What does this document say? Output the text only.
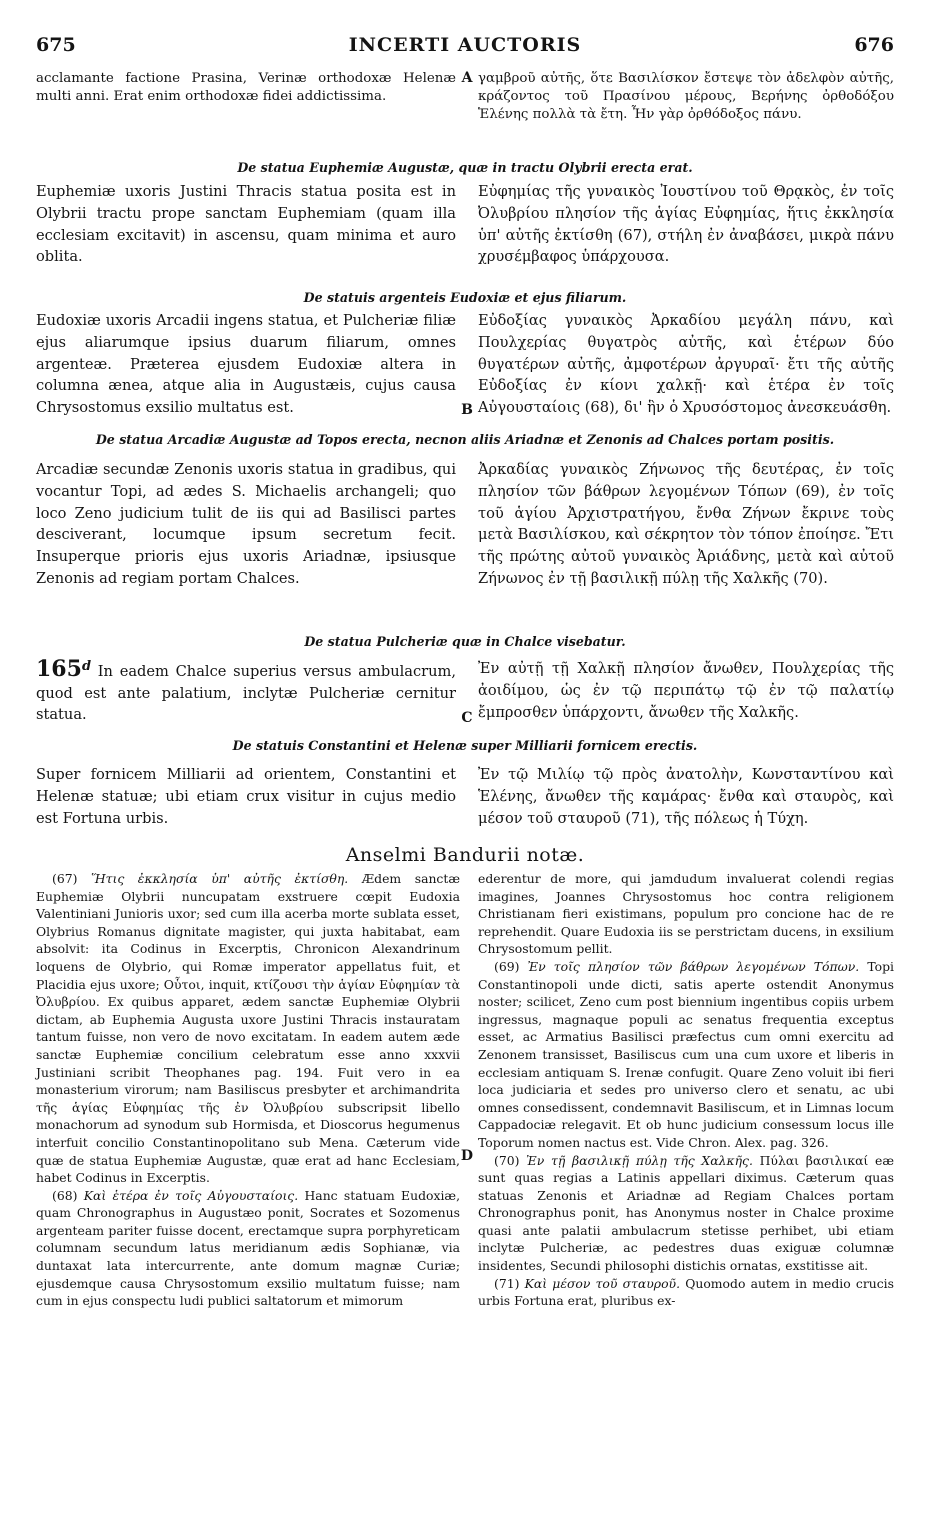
675	INCERTI AUCTORIS	676
acclamante factione Prasina, Verinæ orthodoxæ Helenæ multi anni. Erat enim orthodoxæ fidei addictissima.
A γαμβροῦ αὐτῆς, ὅτε Βασιλίσκον ἔστεψε τὸν ἀδελφὸν αὐτῆς, κράζοντος τοῦ Πρασίνου μέρους, Βερήνης ὀρθοδόξου Ἑλένης πολλὰ τὰ ἔτη. Ἦν γὰρ ὀρθόδοξος πάνυ.
De statua Euphemiæ Augustæ, quæ in tractu Olybrii erecta erat.
Euphemiæ uxoris Justini Thracis statua posita est in Olybrii tractu prope sanctam Euphemiam (quam illa ecclesiam excitavit) in ascensu, quam minima et auro oblita.
Εὐφημίας τῆς γυναικὸς Ἰουστίνου τοῦ Θρᾳκὸς, ἐν τοῖς Ὀλυβρίου πλησίον τῆς ἁγίας Εὐφημίας, ἥτις ἐκκλησία ὑπ' αὐτῆς ἐκτίσθη (67), στήλη ἐν ἀναβάσει, μικρὰ πάνυ χρυσέμβαφος ὑπάρχουσα.
De statuis argenteis Eudoxiæ et ejus filiarum.
Eudoxiæ uxoris Arcadii ingens statua, et Pulcheriæ filiæ ejus aliarumque ipsius duarum filiarum, omnes argenteæ. Præterea ejusdem Eudoxiæ altera in columna ænea, atque alia in Augustæis, cujus causa Chrysostomus exsilio multatus est.	B
Εὐδοξίας γυναικὸς Ἀρκαδίου μεγάλη πάνυ, καὶ Πουλχερίας θυγατρὸς αὐτῆς, καὶ ἑτέρων δύο θυγατέρων αὐτῆς, ἀμφοτέρων ἀργυραῖ· ἔτι τῆς αὐτῆς Εὐδοξίας ἐν κίονι χαλκῇ· καὶ ἑτέρα ἐν τοῖς Αὐγουσταίοις (68), δι' ἣν ὁ Χρυσόστομος ἀνεσκευάσθη.
De statua Arcadiæ Augustæ ad Topos erecta, necnon aliis Ariadnæ et Zenonis ad Chalces portam positis.
Arcadiæ secundæ Zenonis uxoris statua in gradibus, qui vocantur Topi, ad ædes S. Michaelis archangeli; quo loco Zeno judicium tulit de iis qui ad Basilisci partes desciverant, locumque ipsum secretum fecit. Insuperque prioris ejus uxoris Ariadnæ, ipsiusque Zenonis ad regiam portam Chalces.
Ἀρκαδίας γυναικὸς Ζήνωνος τῆς δευτέρας, ἐν τοῖς πλησίον τῶν βάθρων λεγομένων Τόπων (69), ἐν τοῖς τοῦ ἁγίου Ἀρχιστρατήγου, ἔνθα Ζήνων ἔκρινε τοὺς μετὰ Βασιλίσκου, καὶ σέκρητον τὸν τόπον ἐποίησε. Ἔτι τῆς πρώτης αὐτοῦ γυναικὸς Ἀριάδνης, μετὰ καὶ αὐτοῦ Ζήνωνος ἐν τῇ βασιλικῇ πύλῃ τῆς Χαλκῆς (70).
De statua Pulcheriæ quæ in Chalce visebatur.
165$^d$ In eadem Chalce superius versus ambulacrum, quod est ante palatium, inclytæ Pulcheriæ cernitur statua.	C
Ἐν αὐτῇ τῇ Χαλκῇ πλησίον ἄνωθεν, Πουλχερίας τῆς ἀοιδίμου, ὡς ἐν τῷ περιπάτῳ τῷ ἐν τῷ παλατίῳ ἔμπροσθεν ὑπάρχοντι, ἄνωθεν τῆς Χαλκῆς.
De statuis Constantini et Helenæ super Milliarii fornicem erectis.
Super fornicem Milliarii ad orientem, Constantini et Helenæ statuæ; ubi etiam crux visitur in cujus medio est Fortuna urbis.
Ἐν τῷ Μιλίῳ τῷ πρὸς ἀνατολὴν, Κωνσταντίνου καὶ Ἑλένης, ἄνωθεν τῆς καμάρας· ἔνθα καὶ σταυρὸς, καὶ μέσον τοῦ σταυροῦ (71), τῆς πόλεως ἡ Τύχη.
Anselmi Bandurii notæ.

(67) Ἥτις ἐκκλησία ὑπ' αὐτῆς ἐκτίσθη. Ædem sanctæ Euphemiæ Olybrii nuncupatam exstruere cœpit Eudoxia Valentiniani Junioris uxor; sed cum illa acerba morte sublata esset, Olybrius Romanus dignitate magister, qui juxta habitabat, eam absolvit: ita Codinus in Excerptis, Chronicon Alexandrinum loquens de Olybrio, qui Romæ imperator appellatus fuit, et Placidia ejus uxore; Οὗτοι, inquit, κτίζουσι τὴν ἁγίαν Εὐφημίαν τὰ Ὀλυβρίου. Ex quibus apparet, ædem sanctæ Euphemiæ Olybrii dictam, ab Euphemia Augusta uxore Justini Thracis instauratam tantum fuisse, non vero de novo excitatam. In eadem autem æde sanctæ Euphemiæ concilium celebratum esse anno xxxvii Justiniani scribit Theophanes pag. 194. Fuit vero in ea monasterium virorum; nam Basiliscus presbyter et archimandrita τῆς ἁγίας Εὐφημίας τῆς ἐν Ὀλυβρίου subscripsit libello monachorum ad synodum sub Hormisda, et Dioscorus hegumenus interfuit concilio Constantinopolitano sub Mena. Cæterum vide quæ de statua Euphemiæ Augustæ, quæ erat ad hanc Ecclesiam, habet Codinus in Excerptis.

(68) Καὶ ἑτέρα ἐν τοῖς Αὐγουσταίοις. Hanc statuam Eudoxiæ, quam Chronographus in Augustæo ponit, Socrates et Sozomenus argenteam pariter fuisse docent, erectamque supra porphyreticam columnam secundum latus meridianum ædis Sophianæ, via duntaxat lata intercurrente, ante domum magnæ Curiæ; ejusdemque causa Chrysostomum exsilio multatum fuisse; nam cum in ejus conspectu ludi publici saltatorum et mimorum

D

ederentur de more, qui jamdudum invaluerat colendi regias imagines, Joannes Chrysostomus hoc contra religionem Christianam fieri existimans, populum pro concione hac de re reprehendit. Quare Eudoxia iis se perstrictam ducens, in exsilium Chrysostomum pellit.

(69) Ἐν τοῖς πλησίον τῶν βάθρων λεγομένων Τόπων. Topi Constantinopoli unde dicti, satis aperte ostendit Anonymus noster; scilicet, Zeno cum post biennium ingentibus copiis urbem ingressus, magnaque populi ac senatus frequentia exceptus esset, ac Armatius Basilisci præfectus cum omni exercitu ad Zenonem transisset, Basiliscus cum una cum uxore et liberis in ecclesiam antiquam S. Irenæ confugit. Quare Zeno voluit ibi fieri loca judiciaria et sedes pro universo clero et senatu, ac ubi omnes consedissent, condemnavit Basiliscum, et in Limnas locum Cappadociæ relegavit. Et ob hunc judicium consessum locus ille Toporum nomen nactus est. Vide Chron. Alex. pag. 326.

(70) Ἐν τῇ βασιλικῇ πύλῃ τῆς Χαλκῆς. Πύλαι βασιλικαί eæ sunt quas regias a Latinis appellari diximus. Cæterum quas statuas Zenonis et Ariadnæ ad Regiam Chalces portam Chronographus ponit, has Anonymus noster in Chalce proxime quasi ante palatii ambulacrum stetisse perhibet, ubi etiam inclytæ Pulcheriæ, ac pedestres duas exiguæ columnæ insidentes, Secundi philosophi distichis ornatas, exstitisse ait.

(71) Καὶ μέσον τοῦ σταυροῦ. Quomodo autem in medio crucis urbis Fortuna erat, pluribus ex-
